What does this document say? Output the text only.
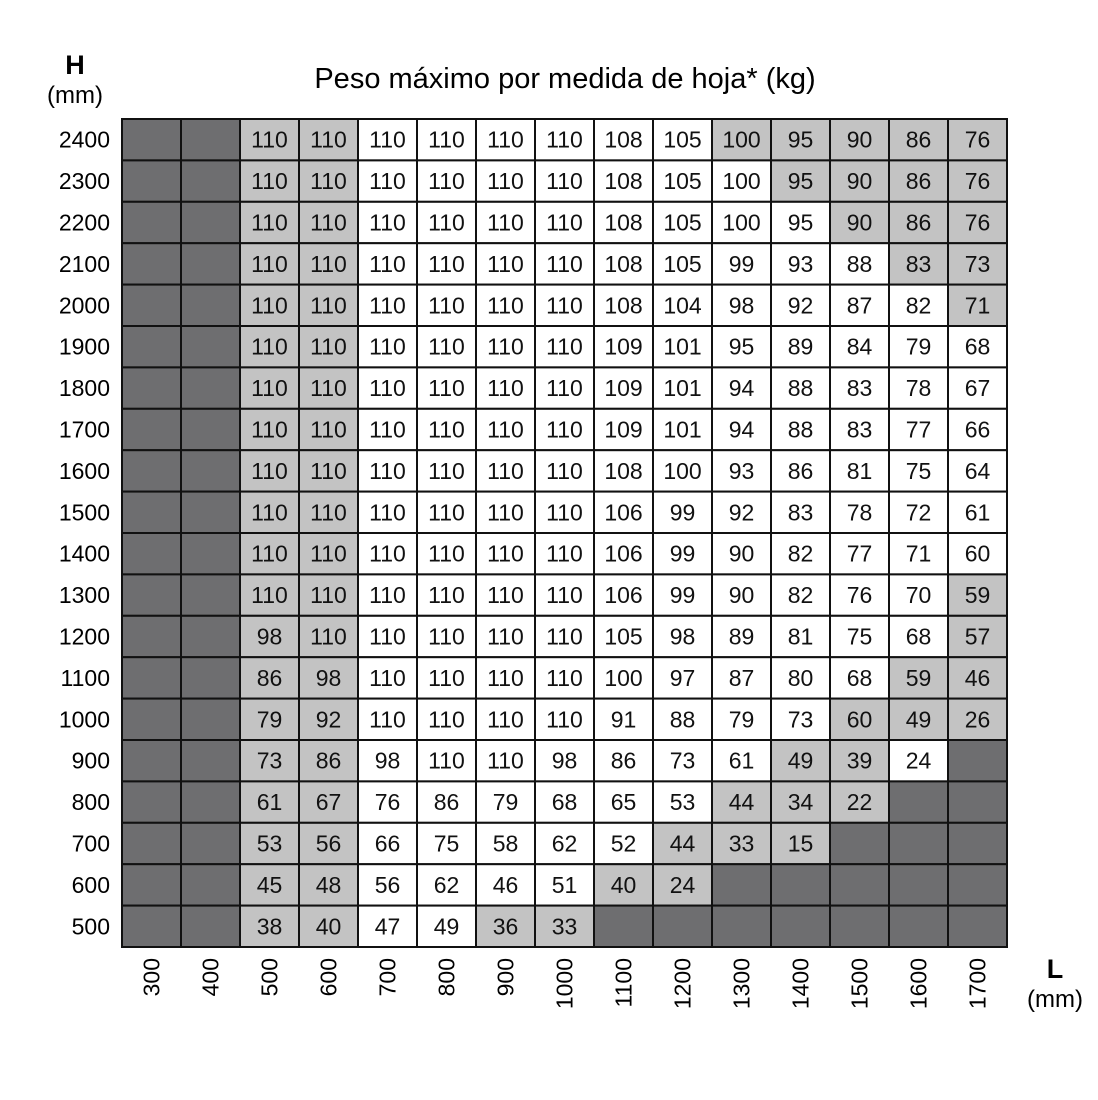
Peso máximo por medida de hoja* (kg)
H
(mm)
L
(mm)
110 110 110 110 110 110 108 105 100 95 90 86 76
110 110 110 110 110 110 108 105 100 95 90 86 76
110 110 110 110 110 110 108 105 100 95 90 86 76
110 110 110 110 110 110 108 105 99 93 88 83 73
110 110 110 110 110 110 108 104 98 92 87 82 71
110 110 110 110 110 110 109 101 95 89 84 79 68
110 110 110 110 110 110 109 101 94 88 83 78 67
110 110 110 110 110 110 109 101 94 88 83 77 66
110 110 110 110 110 110 108 100 93 86 81 75 64
110 110 110 110 110 110 106 99 92 83 78 72 61
110 110 110 110 110 110 106 99 90 82 77 71 60
110 110 110 110 110 110 106 99 90 82 76 70 59
98 110 110 110 110 110 105 98 89 81 75 68 57
86 98 110 110 110 110 100 97 87 80 68 59 46
79 92 110 110 110 110 91 88 79 73 60 49 26
73 86 98 110 110 98 86 73 61 49 39 24
61 67 76 86 79 68 65 53 44 34 22
53 56 66 75 58 62 52 44 33 15
45 48 56 62 46 51 40 24
38 40 47 49 36 33
2400
2300
2200
2100
2000
1900
1800
1700
1600
1500
1400
1300
1200
1100
1000
900
800
700
600
500
300 400 500 600 700 800 900 1000 1100 1200 1300 1400 1500 1600 1700
